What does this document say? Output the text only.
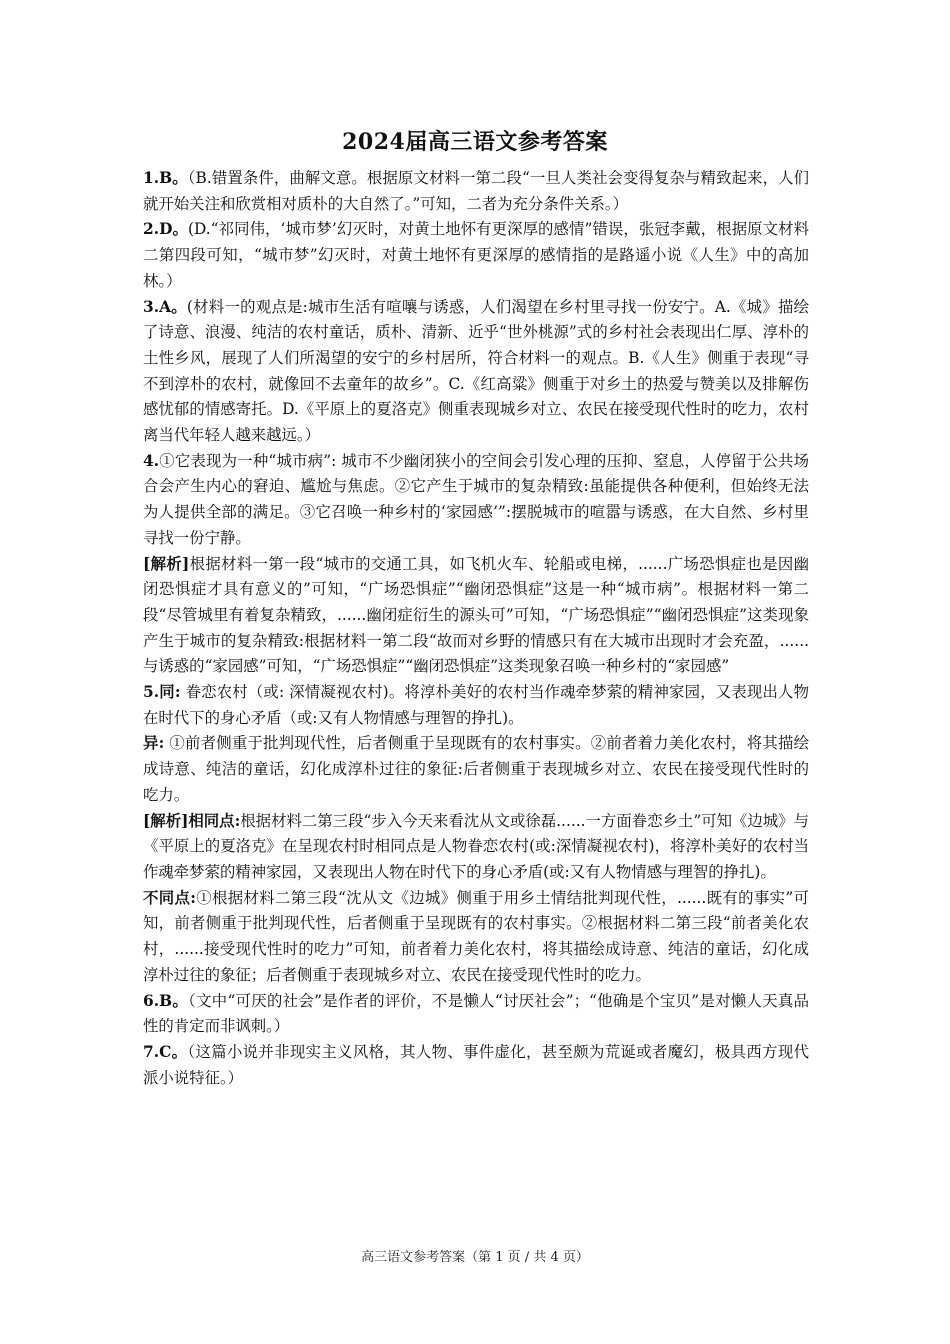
2024届高三语文参考答案

1.B。（B.错置条件，曲解文意。根据原文材料一第二段“一旦人类社会变得复杂与精致起来，人们就开始关注和欣赏相对质朴的大自然了。”可知，二者为充分条件关系。）

2.D。(D.“祁同伟，‘城市梦’幻灭时，对黄土地怀有更深厚的感情”错误，张冠李戴，根据原文材料二第四段可知，“城市梦”幻灭时，对黄土地怀有更深厚的感情指的是路遥小说《人生》中的高加林。）

3.A。(材料一的观点是:城市生活有喧嚷与诱惑，人们渴望在乡村里寻找一份安宁。A.《城》描绘了诗意、浪漫、纯洁的农村童话，质朴、清新、近乎“世外桃源”式的乡村社会表现出仁厚、淳朴的土性乡风，展现了人们所渴望的安宁的乡村居所，符合材料一的观点。B.《人生》侧重于表现“寻不到淳朴的农村，就像回不去童年的故乡”。C.《红高粱》侧重于对乡土的热爱与赞美以及排解伤感忧郁的情感寄托。D.《平原上的夏洛克》侧重表现城乡对立、农民在接受现代性时的吃力，农村离当代年轻人越来越远。）

4.①它表现为一种“城市病”: 城市不少幽闭狭小的空间会引发心理的压抑、窒息，人停留于公共场合会产生内心的窘迫、尴尬与焦虑。②它产生于城市的复杂精致:虽能提供各种便利，但始终无法为人提供全部的满足。③它召唤一种乡村的‘家园感’”:摆脱城市的喧嚣与诱惑，在大自然、乡村里寻找一份宁静。

[解析]根据材料一第一段“城市的交通工具，如飞机火车、轮船或电梯，......广场恐惧症也是因幽闭恐惧症才具有意义的”可知，“广场恐惧症”“幽闭恐惧症”这是一种“城市病”。根据材料一第二段“尽管城里有着复杂精致，......幽闭症衍生的源头可”可知，“广场恐惧症”“幽闭恐惧症”这类现象产生于城市的复杂精致:根据材料一第二段“故而对乡野的情感只有在大城市出现时才会充盈，......与诱惑的“家园感”可知，“广场恐惧症”“幽闭恐惧症”这类现象召唤一种乡村的“家园感”

5.同: 眷恋农村（或: 深情凝视农村)。将淳朴美好的农村当作魂牵梦萦的精神家园，又表现出人物在时代下的身心矛盾（或:又有人物情感与理智的挣扎)。

异: ①前者侧重于批判现代性，后者侧重于呈现既有的农村事实。②前者着力美化农村，将其描绘成诗意、纯洁的童话，幻化成淳朴过往的象征:后者侧重于表现城乡对立、农民在接受现代性时的吃力。

[解析]相同点:根据材料二第三段“步入今天来看沈从文或徐磊......一方面眷恋乡土”可知《边城》与《平原上的夏洛克》在呈现农村时相同点是人物眷恋农村(或:深情凝视农村)，将淳朴美好的农村当作魂牵梦萦的精神家园，又表现出人物在时代下的身心矛盾(或:又有人物情感与理智的挣扎)。

不同点:①根据材料二第三段“沈从文《边城》侧重于用乡土情结批判现代性，......既有的事实”可知，前者侧重于批判现代性，后者侧重于呈现既有的农村事实。②根据材料二第三段“前者美化农村，......接受现代性时的吃力”可知，前者着力美化农村，将其描绘成诗意、纯洁的童话，幻化成淳朴过往的象征；后者侧重于表现城乡对立、农民在接受现代性时的吃力。

6.B。（文中“可厌的社会”是作者的评价，不是懒人“讨厌社会”；“他确是个宝贝”是对懒人天真品性的肯定而非讽刺。）

7.C。（这篇小说并非现实主义风格，其人物、事件虚化，甚至颇为荒诞或者魔幻，极具西方现代派小说特征。）

高三语文参考答案（第 1 页 / 共 4 页）
